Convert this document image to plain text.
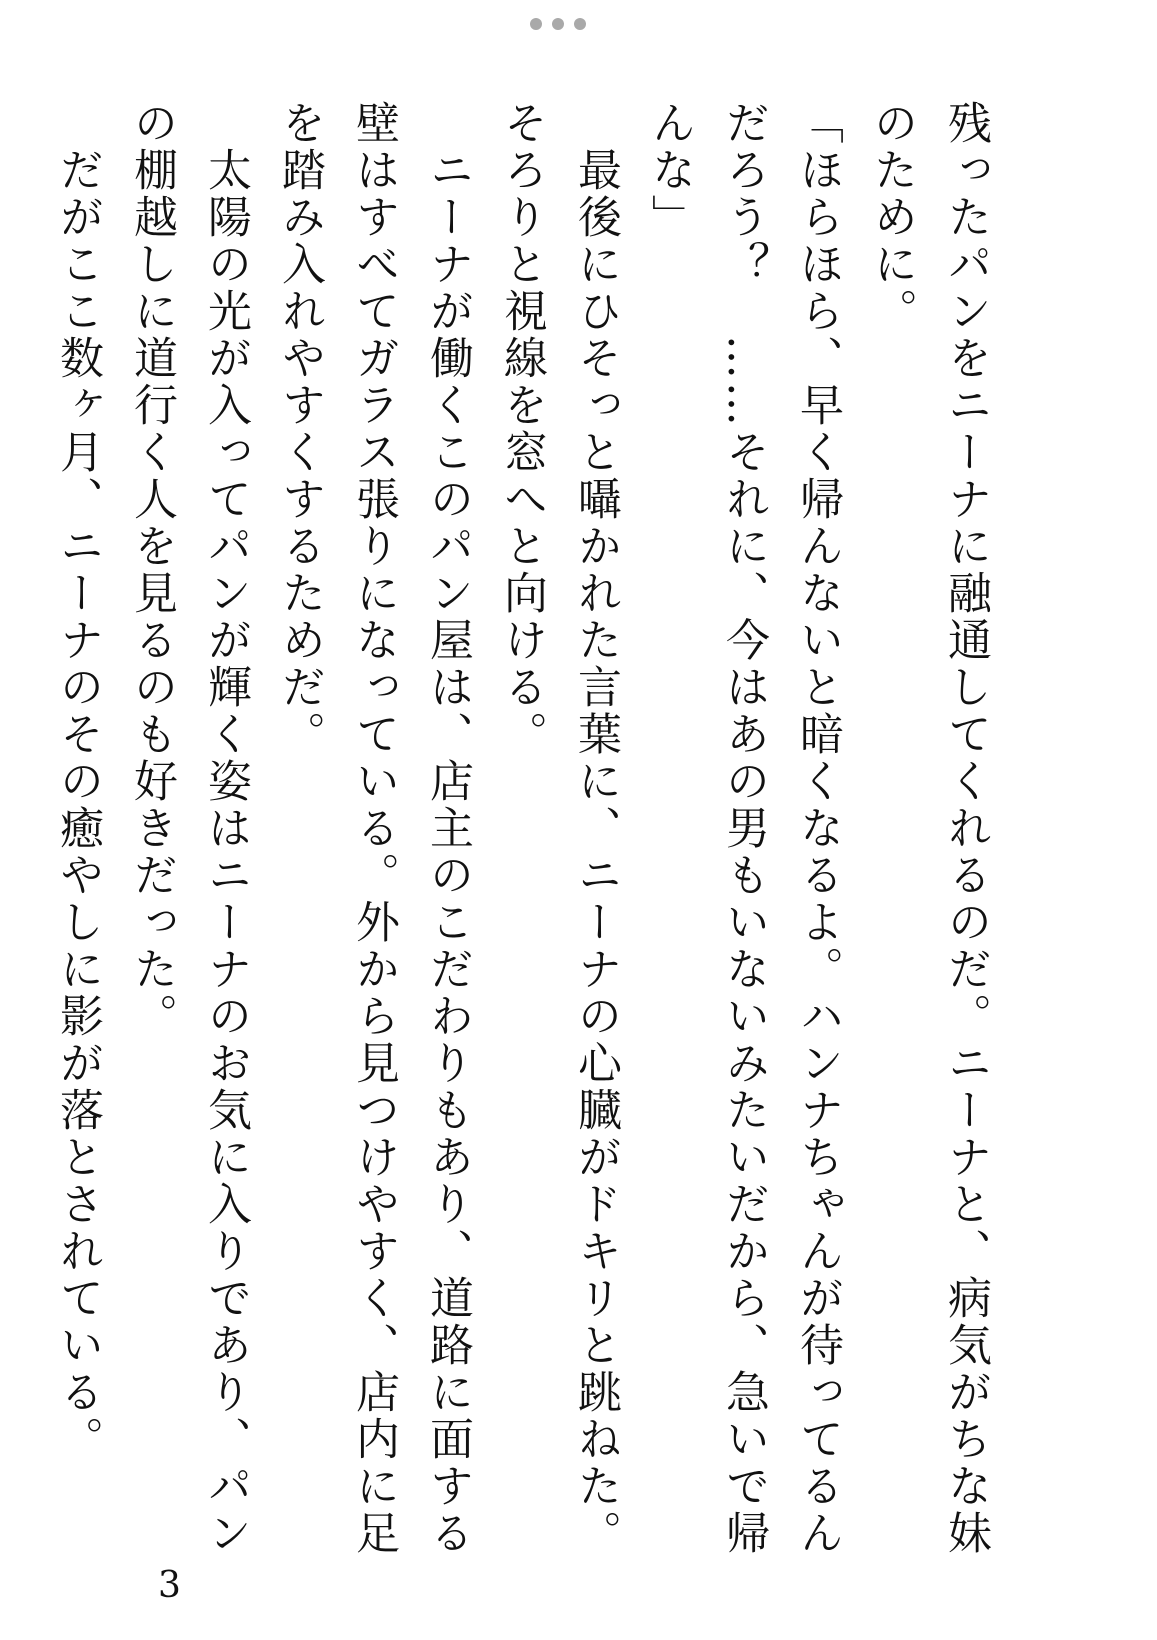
残ったパンをニーナに融通してくれるのだ。ニーナと、病気がちな妹

のために。

「ほらほら、早く帰んないと暗くなるよ。ハンナちゃんが待ってるん

だろう？　……それに、今はあの男もいないみたいだから、急いで帰

んな」

　最後にひそっと囁かれた言葉に、ニーナの心臓がドキリと跳ねた。

そろりと視線を窓へと向ける。

　ニーナが働くこのパン屋は、店主のこだわりもあり、道路に面する

壁はすべてガラス張りになっている。外から見つけやすく、店内に足

を踏み入れやすくするためだ。

　太陽の光が入ってパンが輝く姿はニーナのお気に入りであり、パン

の棚越しに道行く人を見るのも好きだった。

　だがここ数ヶ月、ニーナのその癒やしに影が落とされている。

3
